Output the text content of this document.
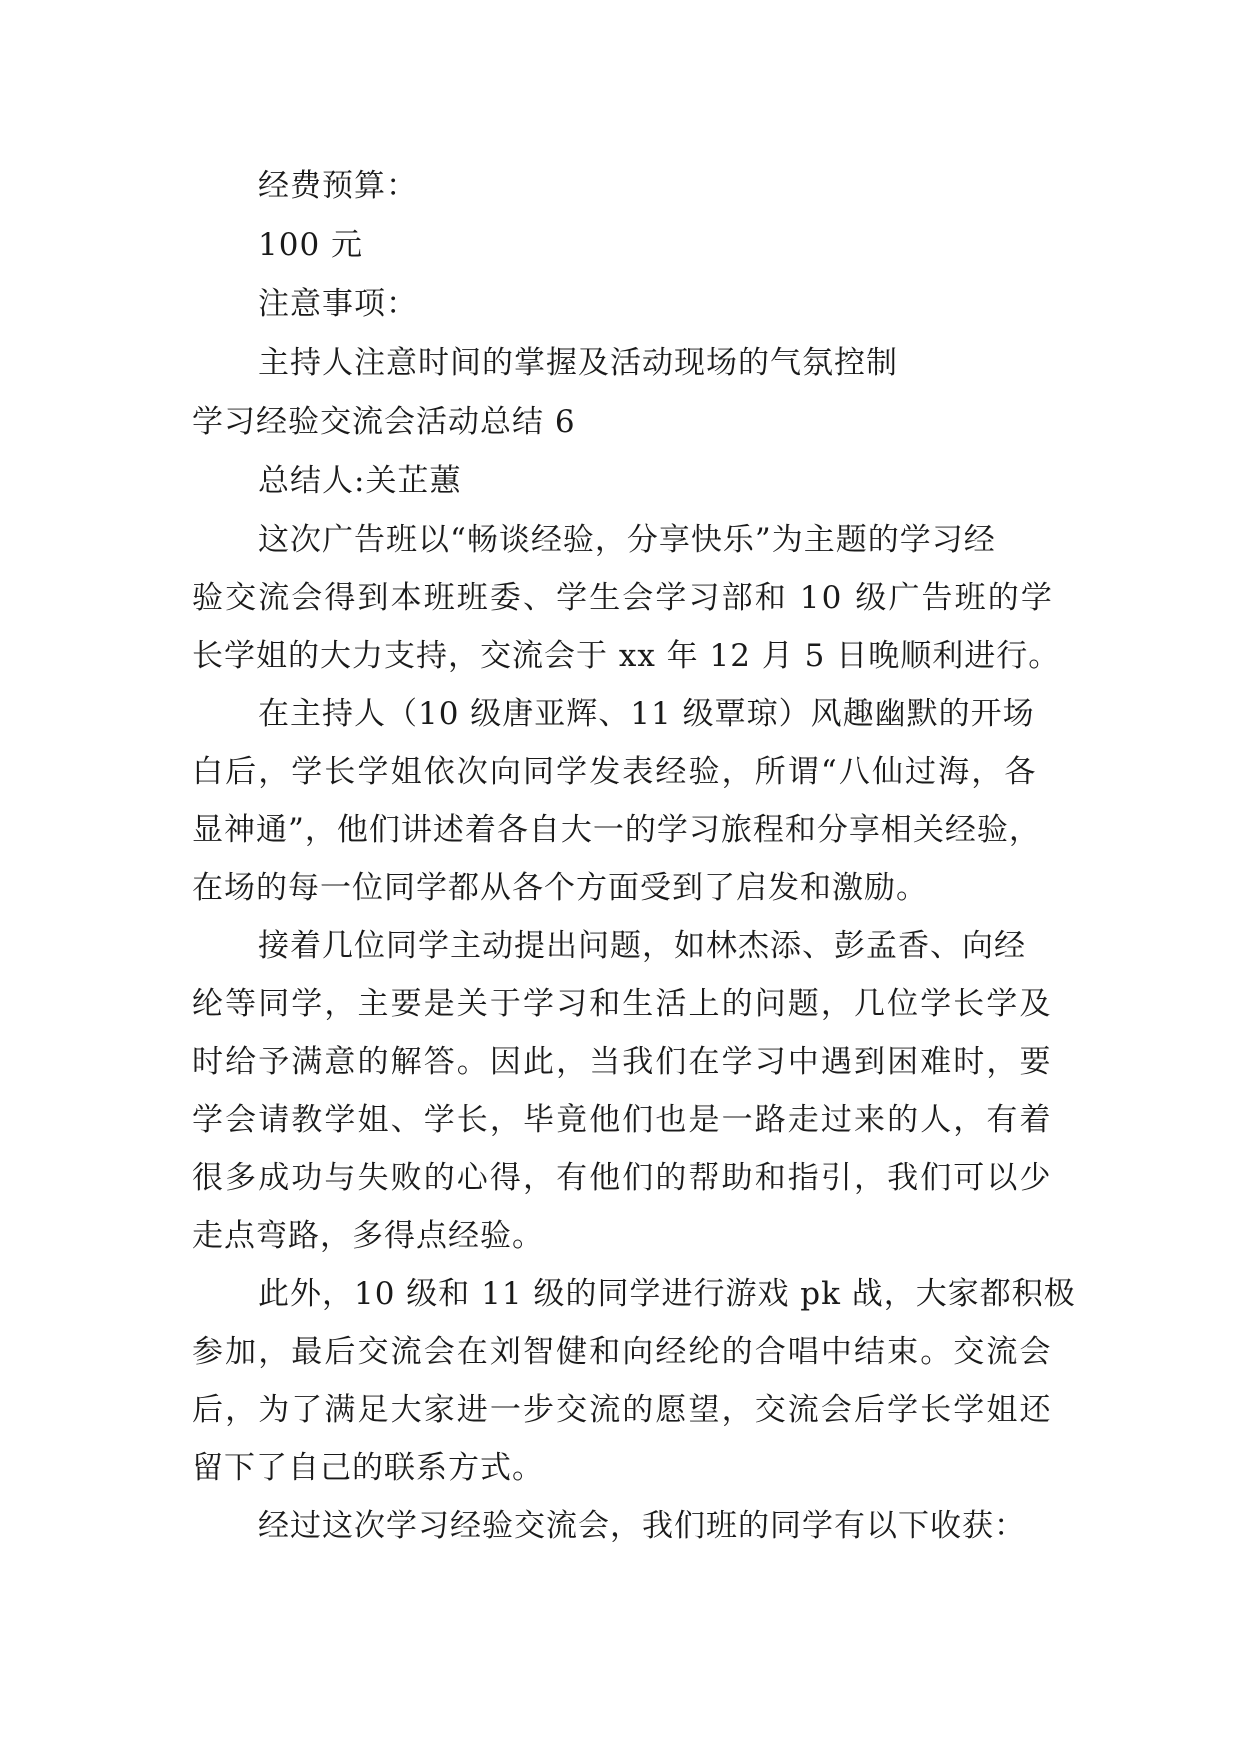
经费预算：

100 元

注意事项：

主持人注意时间的掌握及活动现场的气氛控制

学习经验交流会活动总结 6

总结人:关芷蕙

这次广告班以“畅谈经验，分享快乐”为主题的学习经

验交流会得到本班班委、学生会学习部和 10 级广告班的学

长学姐的大力支持，交流会于 xx 年 12 月 5 日晚顺利进行。

在主持人（10 级唐亚辉、11 级覃琼）风趣幽默的开场

白后，学长学姐依次向同学发表经验，所谓“八仙过海，各

显神通”，他们讲述着各自大一的学习旅程和分享相关经验，

在场的每一位同学都从各个方面受到了启发和激励。

接着几位同学主动提出问题，如林杰添、彭孟香、向经

纶等同学，主要是关于学习和生活上的问题，几位学长学及

时给予满意的解答。因此，当我们在学习中遇到困难时，要

学会请教学姐、学长，毕竟他们也是一路走过来的人，有着

很多成功与失败的心得，有他们的帮助和指引，我们可以少

走点弯路，多得点经验。

此外，10 级和 11 级的同学进行游戏 pk 战，大家都积极

参加，最后交流会在刘智健和向经纶的合唱中结束。交流会

后，为了满足大家进一步交流的愿望，交流会后学长学姐还

留下了自己的联系方式。

经过这次学习经验交流会，我们班的同学有以下收获：
